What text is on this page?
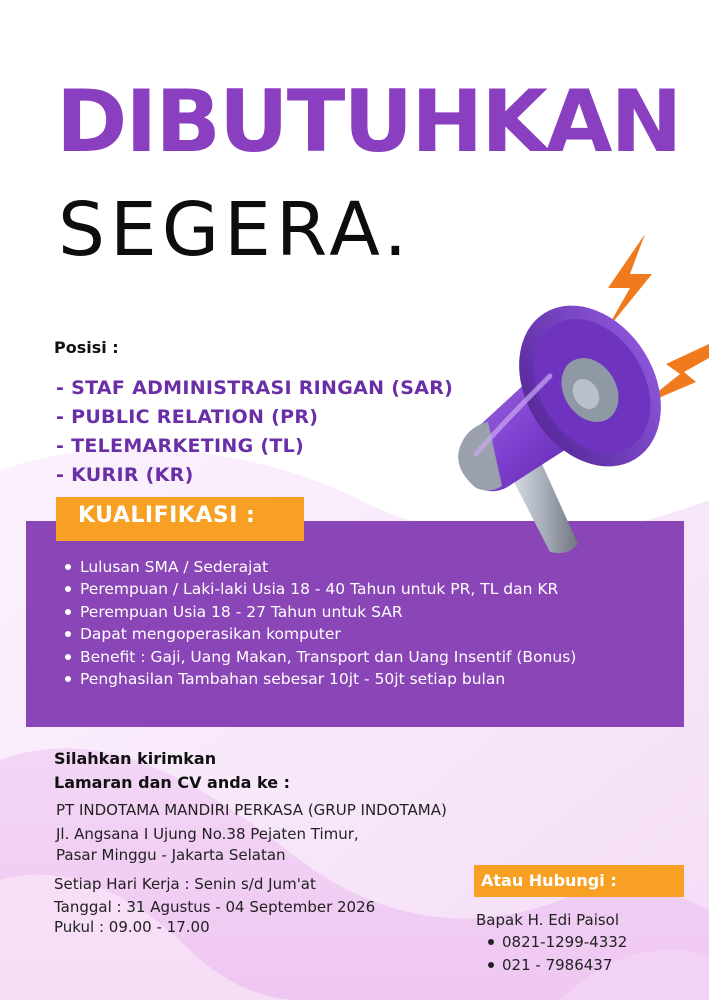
DIBUTUHKAN
SEGERA.
Posisi :
- STAF ADMINISTRASI RINGAN (SAR)
- PUBLIC RELATION (PR)
- TELEMARKETING (TL)
- KURIR (KR)
KUALIFIKASI :
Lulusan SMA / Sederajat
Perempuan / Laki-laki Usia 18 - 40 Tahun untuk PR, TL dan KR
Perempuan Usia 18 - 27 Tahun untuk SAR
Dapat mengoperasikan komputer
Benefit : Gaji, Uang Makan, Transport dan Uang Insentif (Bonus)
Penghasilan Tambahan sebesar 10jt - 50jt setiap bulan
Silahkan kirimkan
Lamaran dan CV anda ke :
PT INDOTAMA MANDIRI PERKASA (GRUP INDOTAMA)
Jl. Angsana I Ujung No.38 Pejaten Timur,
Pasar Minggu - Jakarta Selatan
Setiap Hari Kerja : Senin s/d Jum'at
Tanggal : 31 Agustus - 04 September 2026
Pukul : 09.00 - 17.00
Atau Hubungi :
Bapak H. Edi Paisol
0821-1299-4332
021 - 7986437
